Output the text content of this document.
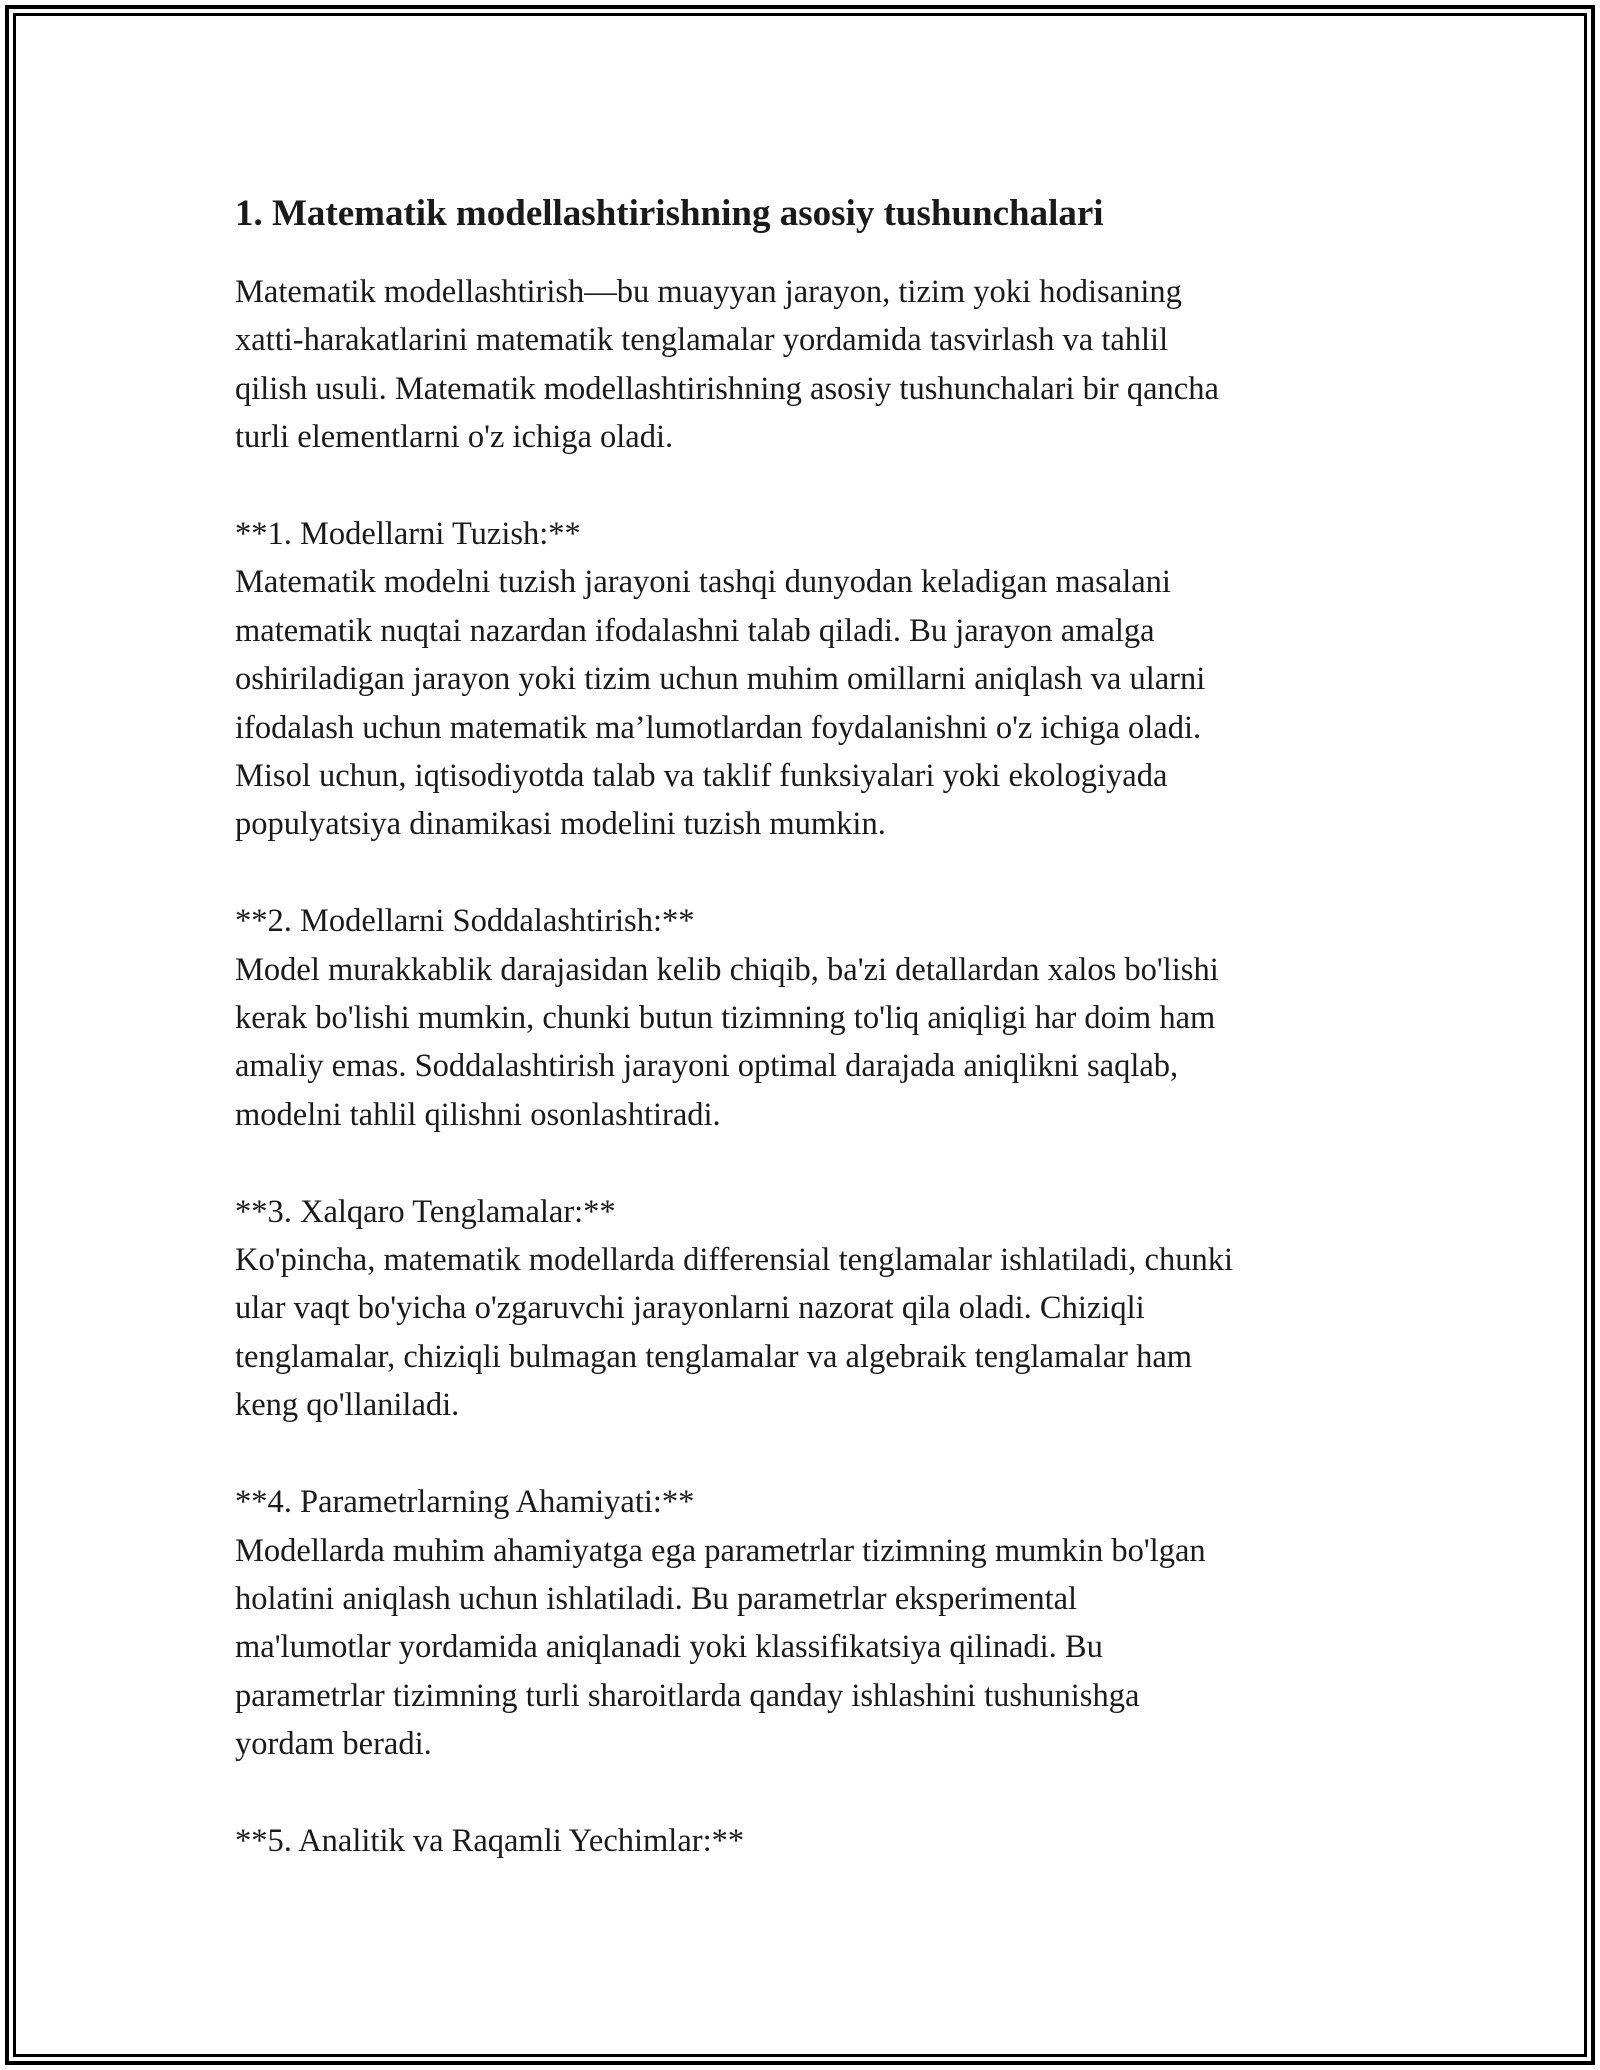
1. Matematik modellashtirishning asosiy tushunchalari

Matematik modellashtirish—bu muayyan jarayon, tizim yoki hodisaning
xatti-harakatlarini matematik tenglamalar yordamida tasvirlash va tahlil
qilish usuli. Matematik modellashtirishning asosiy tushunchalari bir qancha
turli elementlarni o'z ichiga oladi.

**1. Modellarni Tuzish:**

Matematik modelni tuzish jarayoni tashqi dunyodan keladigan masalani
matematik nuqtai nazardan ifodalashni talab qiladi. Bu jarayon amalga
oshiriladigan jarayon yoki tizim uchun muhim omillarni aniqlash va ularni
ifodalash uchun matematik ma’lumotlardan foydalanishni o'z ichiga oladi.
Misol uchun, iqtisodiyotda talab va taklif funksiyalari yoki ekologiyada
populyatsiya dinamikasi modelini tuzish mumkin.

**2. Modellarni Soddalashtirish:**

Model murakkablik darajasidan kelib chiqib, ba'zi detallardan xalos bo'lishi
kerak bo'lishi mumkin, chunki butun tizimning to'liq aniqligi har doim ham
amaliy emas. Soddalashtirish jarayoni optimal darajada aniqlikni saqlab,
modelni tahlil qilishni osonlashtiradi.

**3. Xalqaro Tenglamalar:**

Ko'pincha, matematik modellarda differensial tenglamalar ishlatiladi, chunki
ular vaqt bo'yicha o'zgaruvchi jarayonlarni nazorat qila oladi. Chiziqli
tenglamalar, chiziqli bulmagan tenglamalar va algebraik tenglamalar ham
keng qo'llaniladi.

**4. Parametrlarning Ahamiyati:**

Modellarda muhim ahamiyatga ega parametrlar tizimning mumkin bo'lgan
holatini aniqlash uchun ishlatiladi. Bu parametrlar eksperimental
ma'lumotlar yordamida aniqlanadi yoki klassifikatsiya qilinadi. Bu
parametrlar tizimning turli sharoitlarda qanday ishlashini tushunishga
yordam beradi.

**5. Analitik va Raqamli Yechimlar:**
